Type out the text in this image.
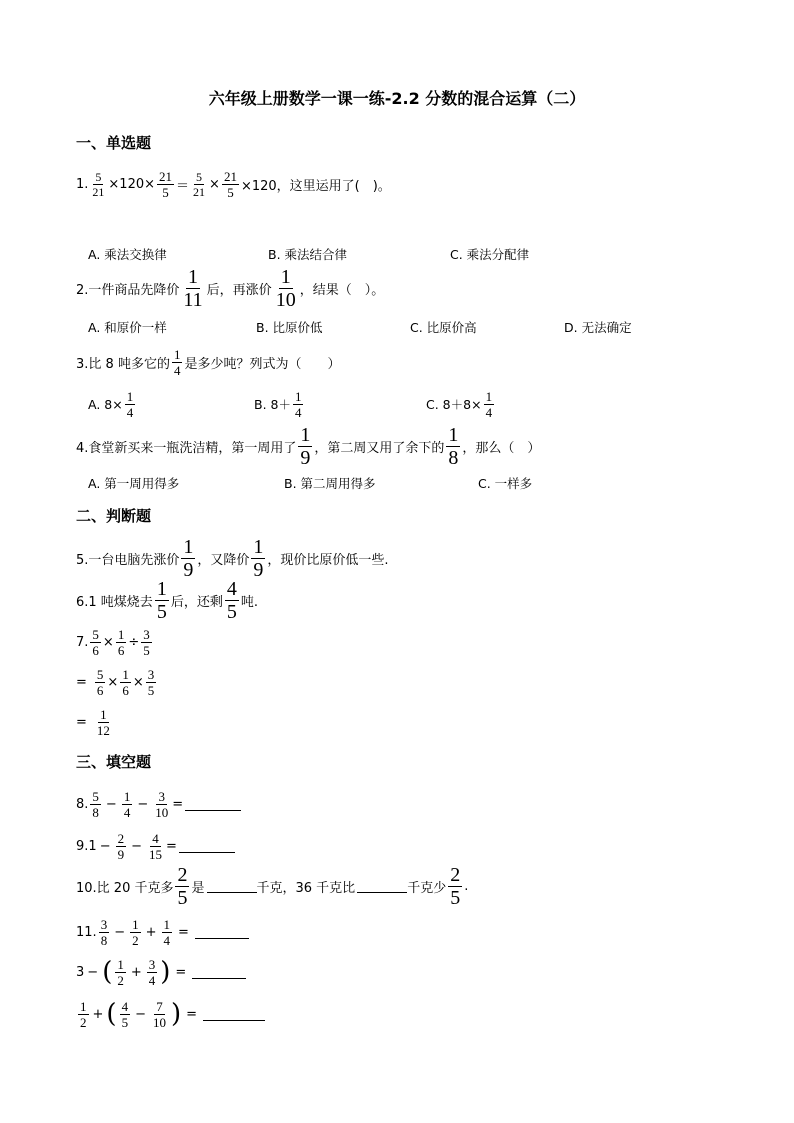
六年级上册数学一课一练-2.2 分数的混合运算（二）
一、单选题
1. $\frac{5}{21} \times 120\times \frac{21}{5} = \frac{5}{21} \times \frac{21}{5} \times 120$，这里运用了(　)。
A. 乘法交换律	B. 乘法结合律	C. 乘法分配律
2.一件商品先降价
1
11 后，再涨价
1
10 ，结果（　）。
A. 和原价一样	B. 比原价低	C. 比原价高	D. 无法确定
3.比 8 吨多它的
1
4 是多少吨？列式为（　　）
A. $8\times \frac{1}{4}$	B. 8＋
1
4	C. $8+8\times \frac{1}{4}$
4.食堂新买来一瓶洗洁精，第一周用了
1
9 ，第二周又用了余下的
1
8 ，那么（　）
A. 第一周用得多	B. 第二周用得多	C. 一样多
二、判断题
5.一台电脑先涨价
1
9 ，又降价
1
9 ，现价比原价低一些.
6.1 吨煤烧去
1
5 后，还剩
4
5 吨.
7. $\frac{5}{6} \times \frac{1}{6} \div \frac{3}{5}$
= $\frac{5}{6} \times \frac{1}{6} \times \frac{3}{5}$
= $\frac{1}{12}$
三、填空题
8.
5
8
− $\frac{1}{4} - \frac{3}{10}$ =
$9.1 - \frac{2}{9} - \frac{4}{15}$ =
10.比 20 千克多
2
5 是	千克，36 千克比	千克少
2
5
.
11.
3
8
− $\frac{1}{2} + \frac{1}{4}$ =
3 − ( 1
2
+ $\frac{3}{4}$ ) =
1
2
+ ( 4
5
− $\frac{7}{10}$ ) =
